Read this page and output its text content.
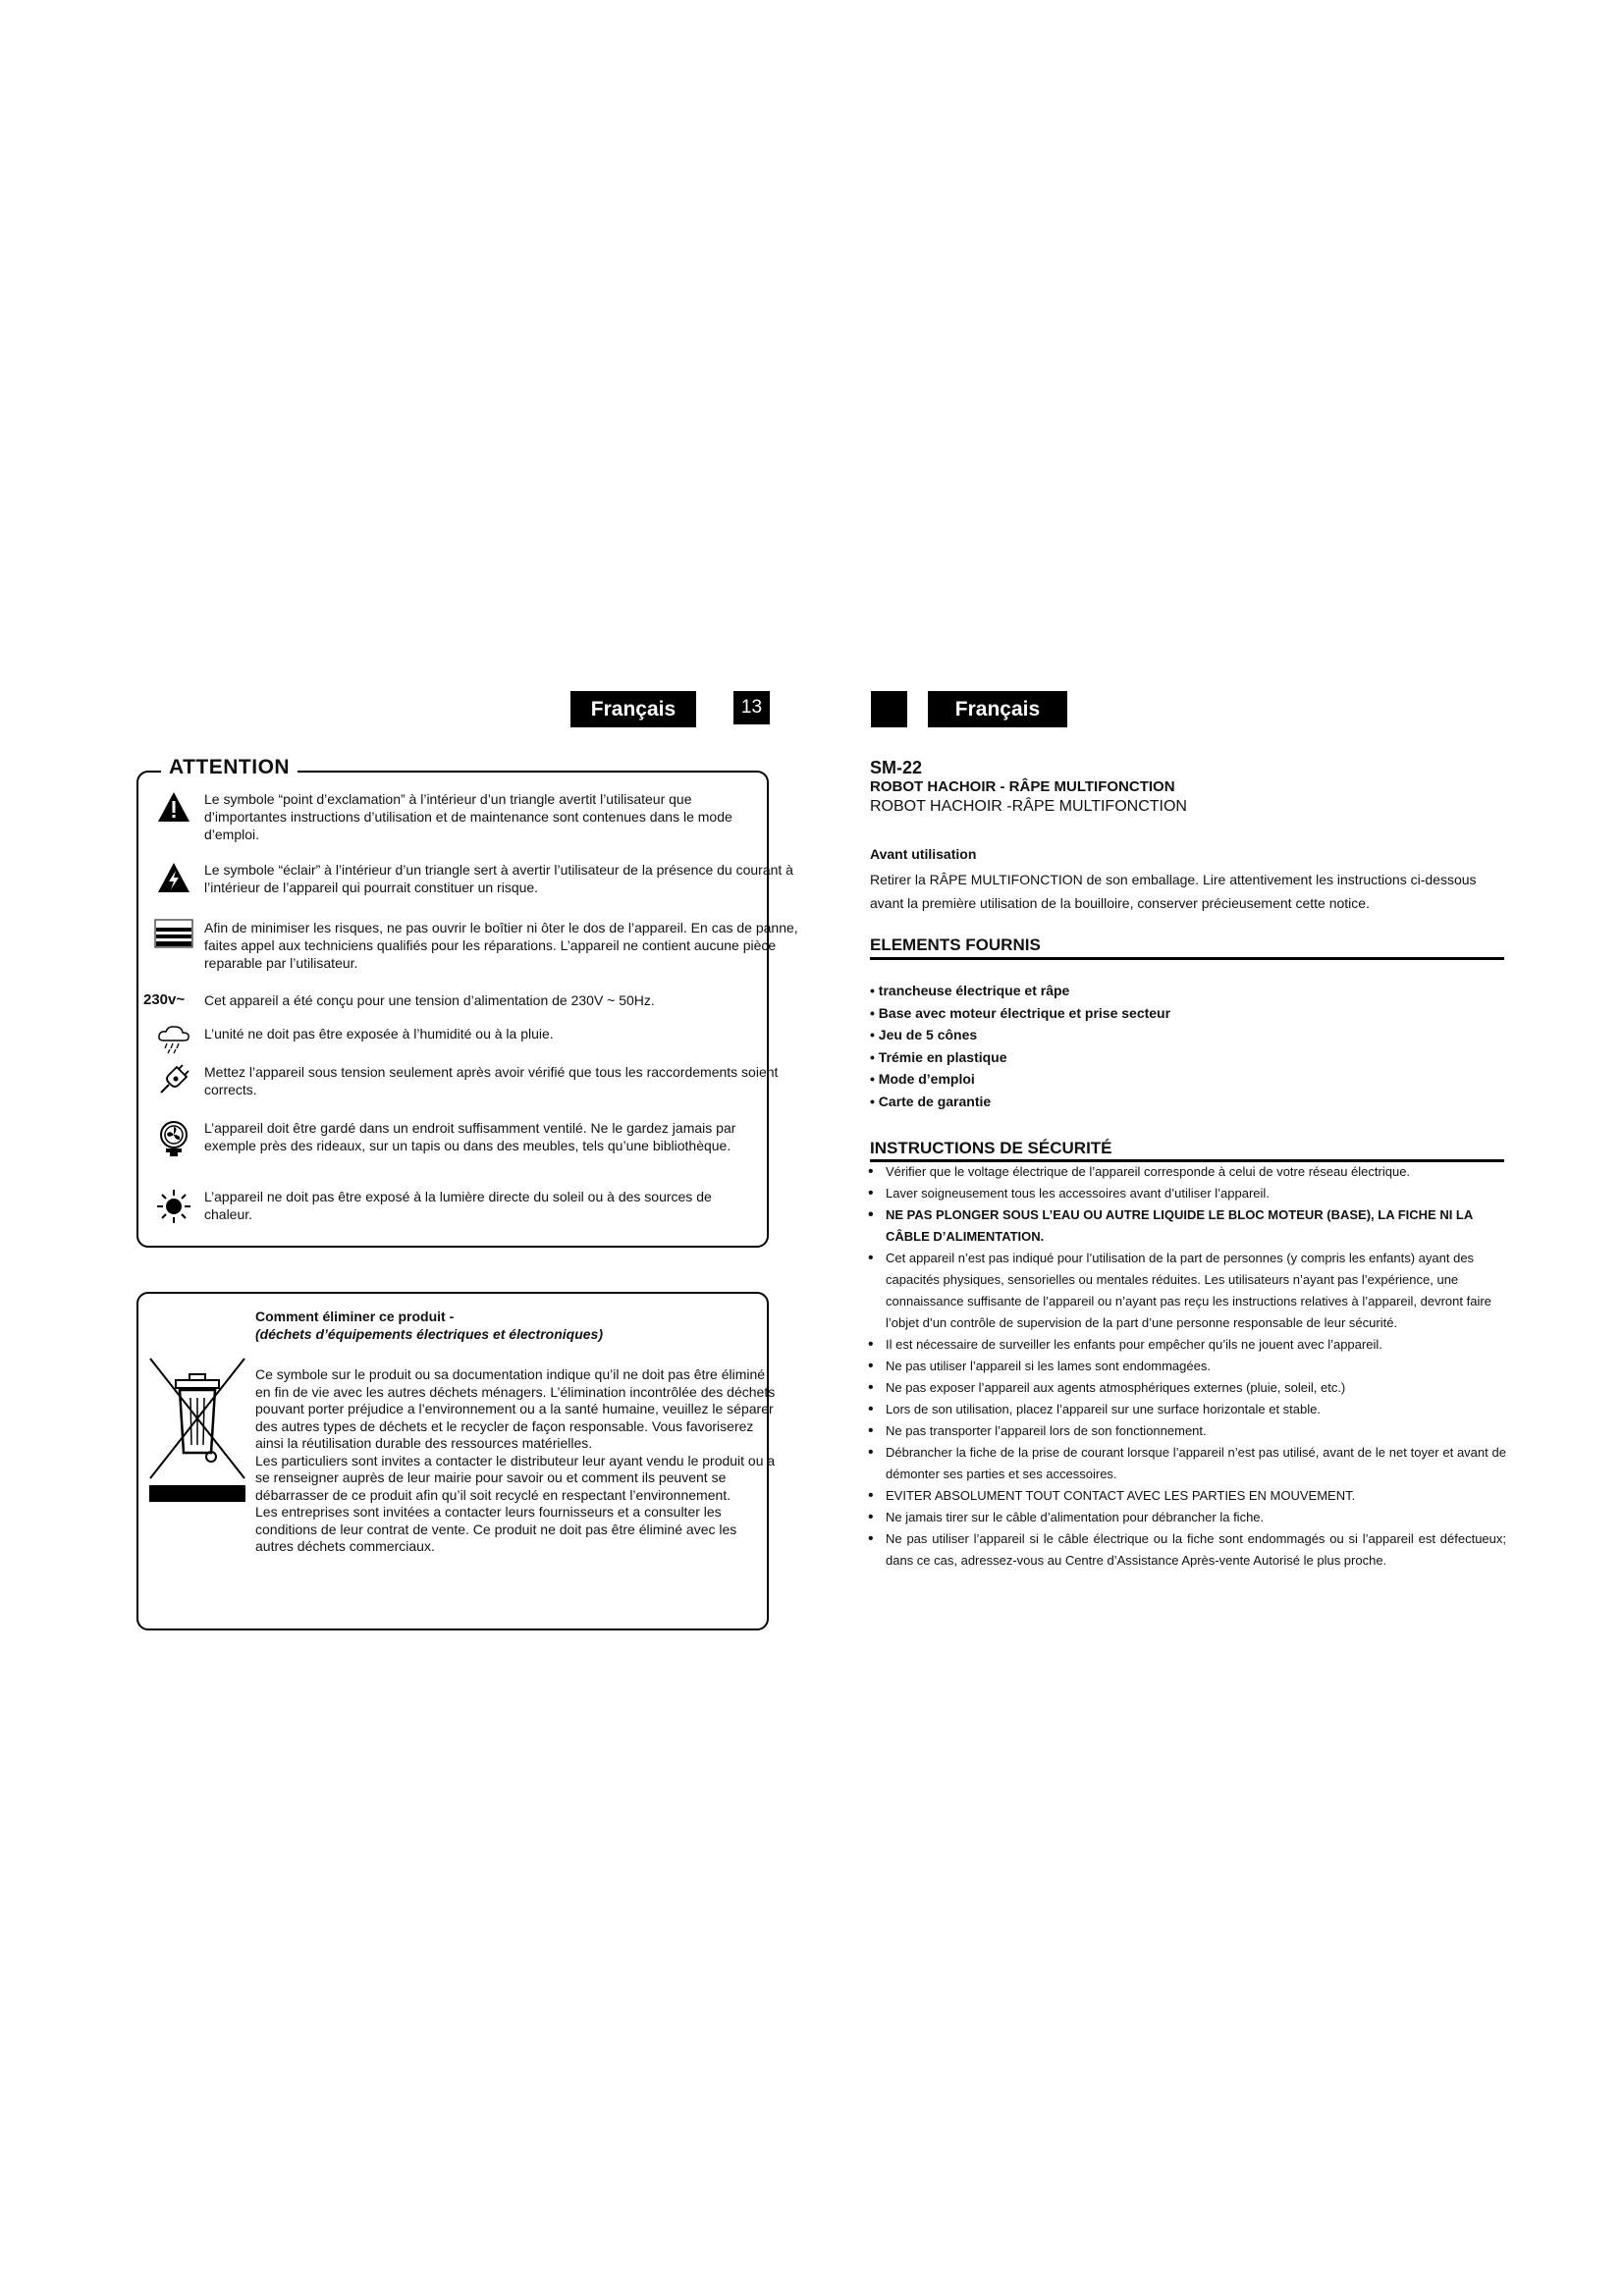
Français	13
ATTENTION
Le symbole “point d’exclamation” à l’intérieur d’un triangle avertit l’utilisateur que d’importantes instructions d’utilisation et de maintenance sont contenues dans le mode d’emploi.
Le symbole “éclair” à l’intérieur d’un triangle sert à avertir l’utilisateur de la présence du courant à l’intérieur de l’appareil qui pourrait constituer un risque.
Afin de minimiser les risques, ne pas ouvrir le boîtier ni ôter le dos de l’appareil. En cas de panne, faites appel aux techniciens qualifiés pour les réparations. L’appareil ne contient aucune pièce reparable par l’utilisateur.
230v~ Cet appareil a été conçu pour une tension d’alimentation de 230V ~ 50Hz.
L’unité ne doit pas être exposée à l’humidité ou à la pluie.
Mettez l’appareil sous tension seulement après avoir vérifié que tous les raccordements soient corrects.
L’appareil doit être gardé dans un endroit suffisamment ventilé. Ne le gardez jamais par exemple près des rideaux, sur un tapis ou dans des meubles, tels qu’une bibliothèque.
L’appareil ne doit pas être exposé à la lumière directe du soleil ou à des sources de chaleur.
Comment éliminer ce produit -
(déchets d’équipements électriques et électroniques)

Ce symbole sur le produit ou sa documentation indique qu’il ne doit pas être éliminé en fin de vie avec les autres déchets ménagers. L’élimination incontrôlée des déchets pouvant porter préjudice a l’environnement ou a la santé humaine, veuillez le séparer des autres types de déchets et le recycler de façon responsable. Vous favoriserez ainsi la réutilisation durable des ressources matérielles.

Les particuliers sont invites a contacter le distributeur leur ayant vendu le produit ou a se renseigner auprès de leur mairie pour savoir ou et comment ils peuvent se débarrasser de ce produit afin qu’il soit recyclé en respectant l’environnement.

Les entreprises sont invitées a contacter leurs fournisseurs et a consulter les conditions de leur contrat de vente. Ce produit ne doit pas être éliminé avec les autres déchets commerciaux.

Français
SM-22
ROBOT HACHOIR - RÂPE MULTIFONCTION
ROBOT HACHOIR -RÂPE MULTIFONCTION
Avant utilisation
Retirer la RÂPE MULTIFONCTION de son emballage. Lire attentivement les instructions ci-dessous avant la première utilisation de la bouilloire, conserver précieusement cette notice.
ELEMENTS FOURNIS
• trancheuse électrique et râpe
• Base avec moteur électrique et prise secteur
• Jeu de 5 cônes
• Trémie en plastique
• Mode d’emploi
• Carte de garantie
INSTRUCTIONS DE SÉCURITÉ
• Vérifier que le voltage électrique de l’appareil corresponde à celui de votre réseau électrique.
• Laver soigneusement tous les accessoires avant d’utiliser l’appareil.
• NE PAS PLONGER SOUS L’EAU OU AUTRE LIQUIDE LE BLOC MOTEUR (BASE), LA FICHE NI LA CÂBLE D’ALIMENTATION.
• Cet appareil n’est pas indiqué pour l’utilisation de la part de personnes (y compris les enfants) ayant des capacités physiques, sensorielles ou mentales réduites. Les utilisateurs n’ayant pas l’expérience, une connaissance suffisante de l’appareil ou n’ayant pas reçu les instructions relatives à l’appareil, devront faire l’objet d’un contrôle de supervision de la part d’une personne responsable de leur sécurité.
• Il est nécessaire de surveiller les enfants pour empêcher qu’ils ne jouent avec l’appareil.
• Ne pas utiliser l’appareil si les lames sont endommagées.
• Ne pas exposer l’appareil aux agents atmosphériques externes (pluie, soleil, etc.)
• Lors de son utilisation, placez l’appareil sur une surface horizontale et stable.
• Ne pas transporter l’appareil lors de son fonctionnement.
• Débrancher la fiche de la prise de courant lorsque l’appareil n’est pas utilisé, avant de le net toyer et avant de démonter ses parties et ses accessoires.
• EVITER ABSOLUMENT TOUT CONTACT AVEC LES PARTIES EN MOUVEMENT.
• Ne jamais tirer sur le câble d’alimentation pour débrancher la fiche.
• Ne pas utiliser l’appareil si le câble électrique ou la fiche sont endommagés ou si l’appareil est défectueux; dans ce cas, adressez-vous au Centre d’Assistance Après-vente Autorisé le plus proche.
